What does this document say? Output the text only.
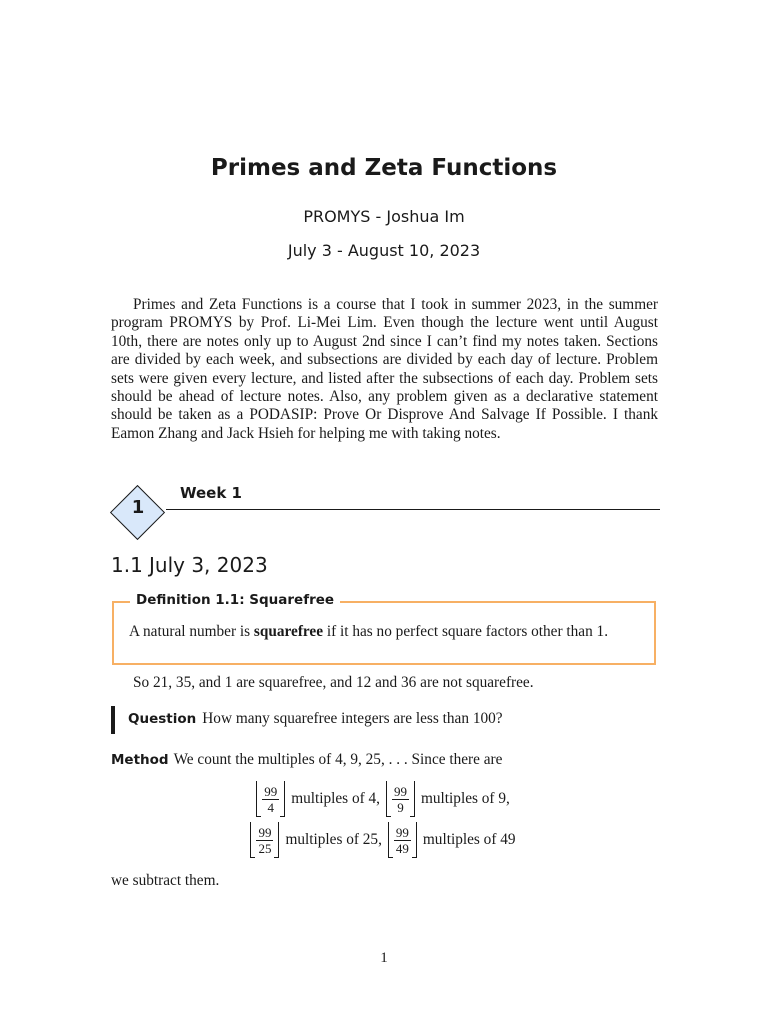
Primes and Zeta Functions
PROMYS - Joshua Im
July 3 - August 10, 2023

Primes and Zeta Functions is a course that I took in summer 2023, in the summer program PROMYS by Prof. Li-Mei Lim. Even though the lecture went until August 10th, there are notes only up to August 2nd since I can’t find my notes taken. Sections are divided by each week, and subsections are divided by each day of lecture. Problem sets were given every lecture, and listed after the subsections of each day. Problem sets should be ahead of lecture notes. Also, any problem given as a declarative statement should be taken as a PODASIP: Prove Or Disprove And Salvage If Possible. I thank Eamon Zhang and Jack Hsieh for helping me with taking notes.

1
Week 1
1.1 July 3, 2023
Definition 1.1: Squarefree
A natural number is squarefree if it has no perfect square factors other than 1.
So 21, 35, and 1 are squarefree, and 12 and 36 are not squarefree.
Question How many squarefree integers are less than 100?
Method We count the multiples of 4, 9, 25, . . . Since there are
$\frac{99}{4}$ multiples of 4, $\frac{99}{9}$ multiples of 9,
$\frac{99}{25}$ multiples of 25, $\frac{99}{49}$ multiples of 49
we subtract them.
1
